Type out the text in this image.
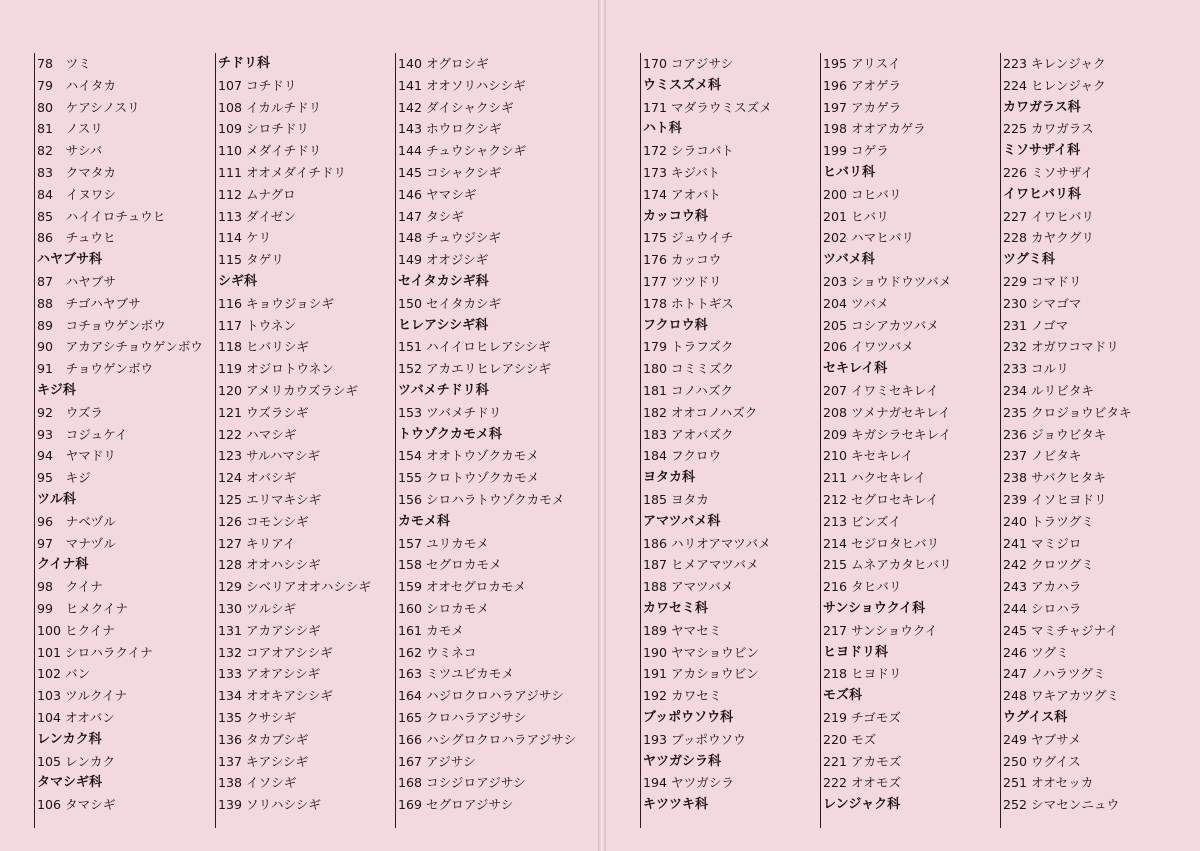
78　ツミ
79　ハイタカ
80　ケアシノスリ
81　ノスリ
82　サシバ
83　クマタカ
84　イヌワシ
85　ハイイロチュウヒ
86　チュウヒ
ハヤブサ科
87　ハヤブサ
88　チゴハヤブサ
89　コチョウゲンボウ
90　アカアシチョウゲンボウ
91　チョウゲンボウ
キジ科
92　ウズラ
93　コジュケイ
94　ヤマドリ
95　キジ
ツル科
96　ナベヅル
97　マナヅル
クイナ科
98　クイナ
99　ヒメクイナ
100 ヒクイナ
101 シロハラクイナ
102 バン
103 ツルクイナ
104 オオバン
レンカク科
105 レンカク
タマシギ科
106 タマシギ
チドリ科
107 コチドリ
108 イカルチドリ
109 シロチドリ
110 メダイチドリ
111 オオメダイチドリ
112 ムナグロ
113 ダイゼン
114 ケリ
115 タゲリ
シギ科
116 キョウジョシギ
117 トウネン
118 ヒバリシギ
119 オジロトウネン
120 アメリカウズラシギ
121 ウズラシギ
122 ハマシギ
123 サルハマシギ
124 オバシギ
125 エリマキシギ
126 コモンシギ
127 キリアイ
128 オオハシシギ
129 シベリアオオハシシギ
130 ツルシギ
131 アカアシシギ
132 コアオアシシギ
133 アオアシシギ
134 オオキアシシギ
135 クサシギ
136 タカブシギ
137 キアシシギ
138 イソシギ
139 ソリハシシギ
140 オグロシギ
141 オオソリハシシギ
142 ダイシャクシギ
143 ホウロクシギ
144 チュウシャクシギ
145 コシャクシギ
146 ヤマシギ
147 タシギ
148 チュウジシギ
149 オオジシギ
セイタカシギ科
150 セイタカシギ
ヒレアシシギ科
151 ハイイロヒレアシシギ
152 アカエリヒレアシシギ
ツバメチドリ科
153 ツバメチドリ
トウゾクカモメ科
154 オオトウゾクカモメ
155 クロトウゾクカモメ
156 シロハラトウゾクカモメ
カモメ科
157 ユリカモメ
158 セグロカモメ
159 オオセグロカモメ
160 シロカモメ
161 カモメ
162 ウミネコ
163 ミツユビカモメ
164 ハジロクロハラアジサシ
165 クロハラアジサシ
166 ハシグロクロハラアジサシ
167 アジサシ
168 コシジロアジサシ
169 セグロアジサシ
170 コアジサシ
ウミスズメ科
171 マダラウミスズメ
ハト科
172 シラコバト
173 キジバト
174 アオバト
カッコウ科
175 ジュウイチ
176 カッコウ
177 ツツドリ
178 ホトトギス
フクロウ科
179 トラフズク
180 コミミズク
181 コノハズク
182 オオコノハズク
183 アオバズク
184 フクロウ
ヨタカ科
185 ヨタカ
アマツバメ科
186 ハリオアマツバメ
187 ヒメアマツバメ
188 アマツバメ
カワセミ科
189 ヤマセミ
190 ヤマショウビン
191 アカショウビン
192 カワセミ
ブッポウソウ科
193 ブッポウソウ
ヤツガシラ科
194 ヤツガシラ
キツツキ科
195 アリスイ
196 アオゲラ
197 アカゲラ
198 オオアカゲラ
199 コゲラ
ヒバリ科
200 コヒバリ
201 ヒバリ
202 ハマヒバリ
ツバメ科
203 ショウドウツバメ
204 ツバメ
205 コシアカツバメ
206 イワツバメ
セキレイ科
207 イワミセキレイ
208 ツメナガセキレイ
209 キガシラセキレイ
210 キセキレイ
211 ハクセキレイ
212 セグロセキレイ
213 ビンズイ
214 セジロタヒバリ
215 ムネアカタヒバリ
216 タヒバリ
サンショウクイ科
217 サンショウクイ
ヒヨドリ科
218 ヒヨドリ
モズ科
219 チゴモズ
220 モズ
221 アカモズ
222 オオモズ
レンジャク科
223 キレンジャク
224 ヒレンジャク
カワガラス科
225 カワガラス
ミソサザイ科
226 ミソサザイ
イワヒバリ科
227 イワヒバリ
228 カヤクグリ
ツグミ科
229 コマドリ
230 シマゴマ
231 ノゴマ
232 オガワコマドリ
233 コルリ
234 ルリビタキ
235 クロジョウビタキ
236 ジョウビタキ
237 ノビタキ
238 サバクヒタキ
239 イソヒヨドリ
240 トラツグミ
241 マミジロ
242 クロツグミ
243 アカハラ
244 シロハラ
245 マミチャジナイ
246 ツグミ
247 ノハラツグミ
248 ワキアカツグミ
ウグイス科
249 ヤブサメ
250 ウグイス
251 オオセッカ
252 シマセンニュウ
